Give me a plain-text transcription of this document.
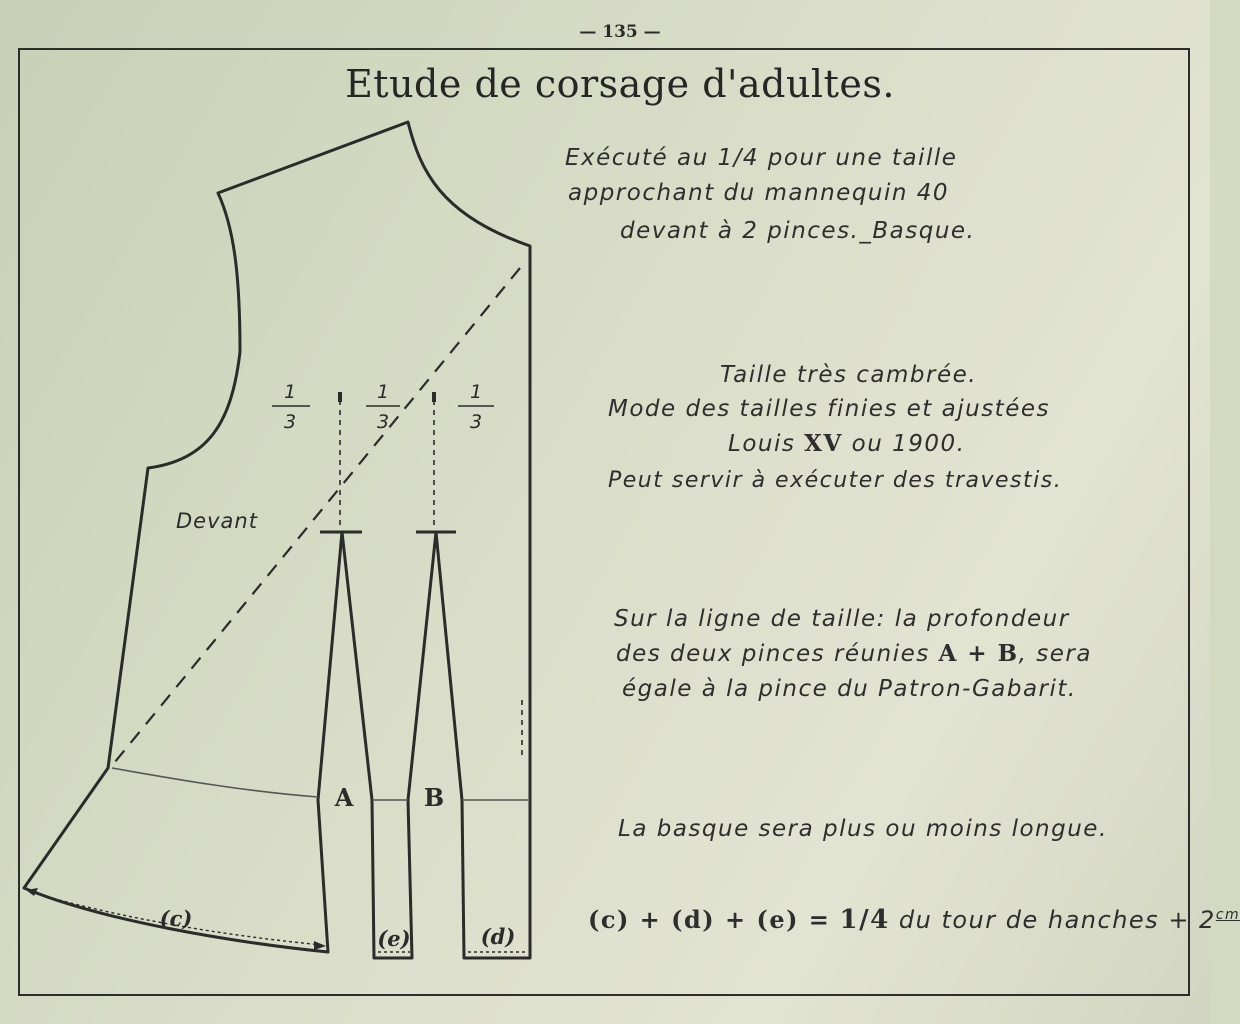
— 135 —
Etude de corsage d'adultes.
Exécuté au 1/4 pour une taille
approchant du mannequin 40
devant à 2 pinces._Basque.
Taille très cambrée.
Mode des tailles finies et ajustées
Louis XV ou 1900.
Peut servir à exécuter des travestis.
Sur la ligne de taille: la profondeur
des deux pinces réunies A + B, sera
égale à la pince du Patron-Gabarit.
La basque sera plus ou moins longue.
(c) + (d) + (e) = 1/4 du tour de hanches + $2^{cm}$
1
3
1
3
1
3
Devant
A	B
(c)
(e)	(d)
